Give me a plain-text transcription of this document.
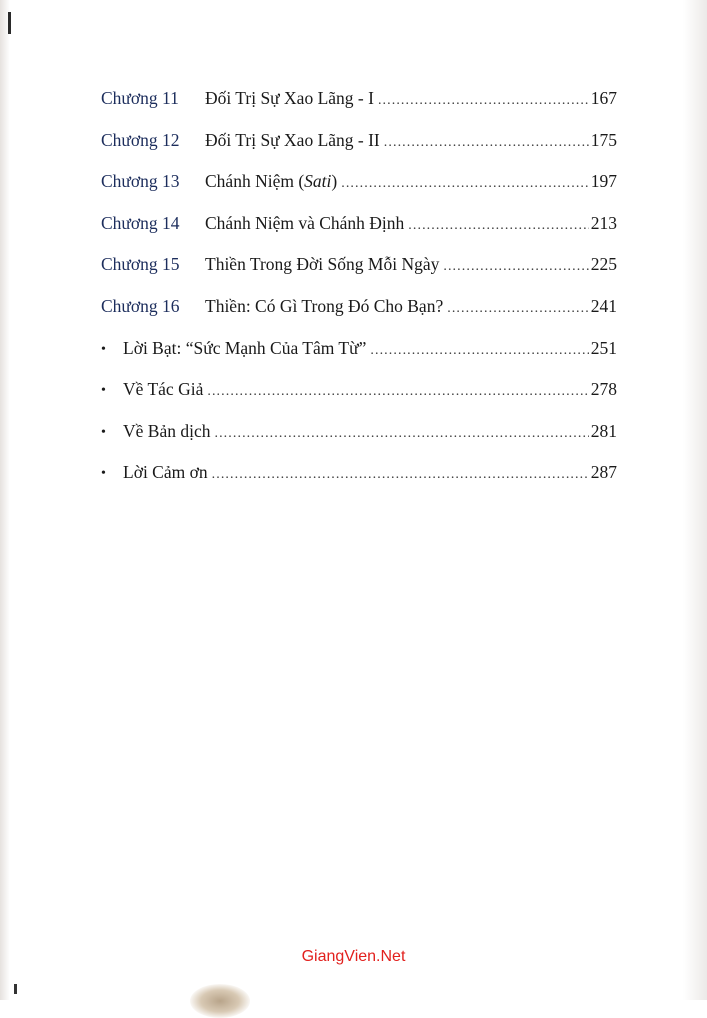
Chương 11	Đối Trị Sự Xao Lãng - I .....	167
Chương 12	Đối Trị Sự Xao Lãng - II .....	175
Chương 13	Chánh Niệm (Sati) .....	197
Chương 14	Chánh Niệm và Chánh Định .....	213
Chương 15	Thiền Trong Đời Sống Mỗi Ngày .....	225
Chương 16	Thiền: Có Gì Trong Đó Cho Bạn? .....	241
• Lời Bạt: “Sức Mạnh Của Tâm Từ” .....	251
• Về Tác Giả .....	278
• Về Bản dịch .....	281
• Lời Cảm ơn .....	287
GiangVien.Net
